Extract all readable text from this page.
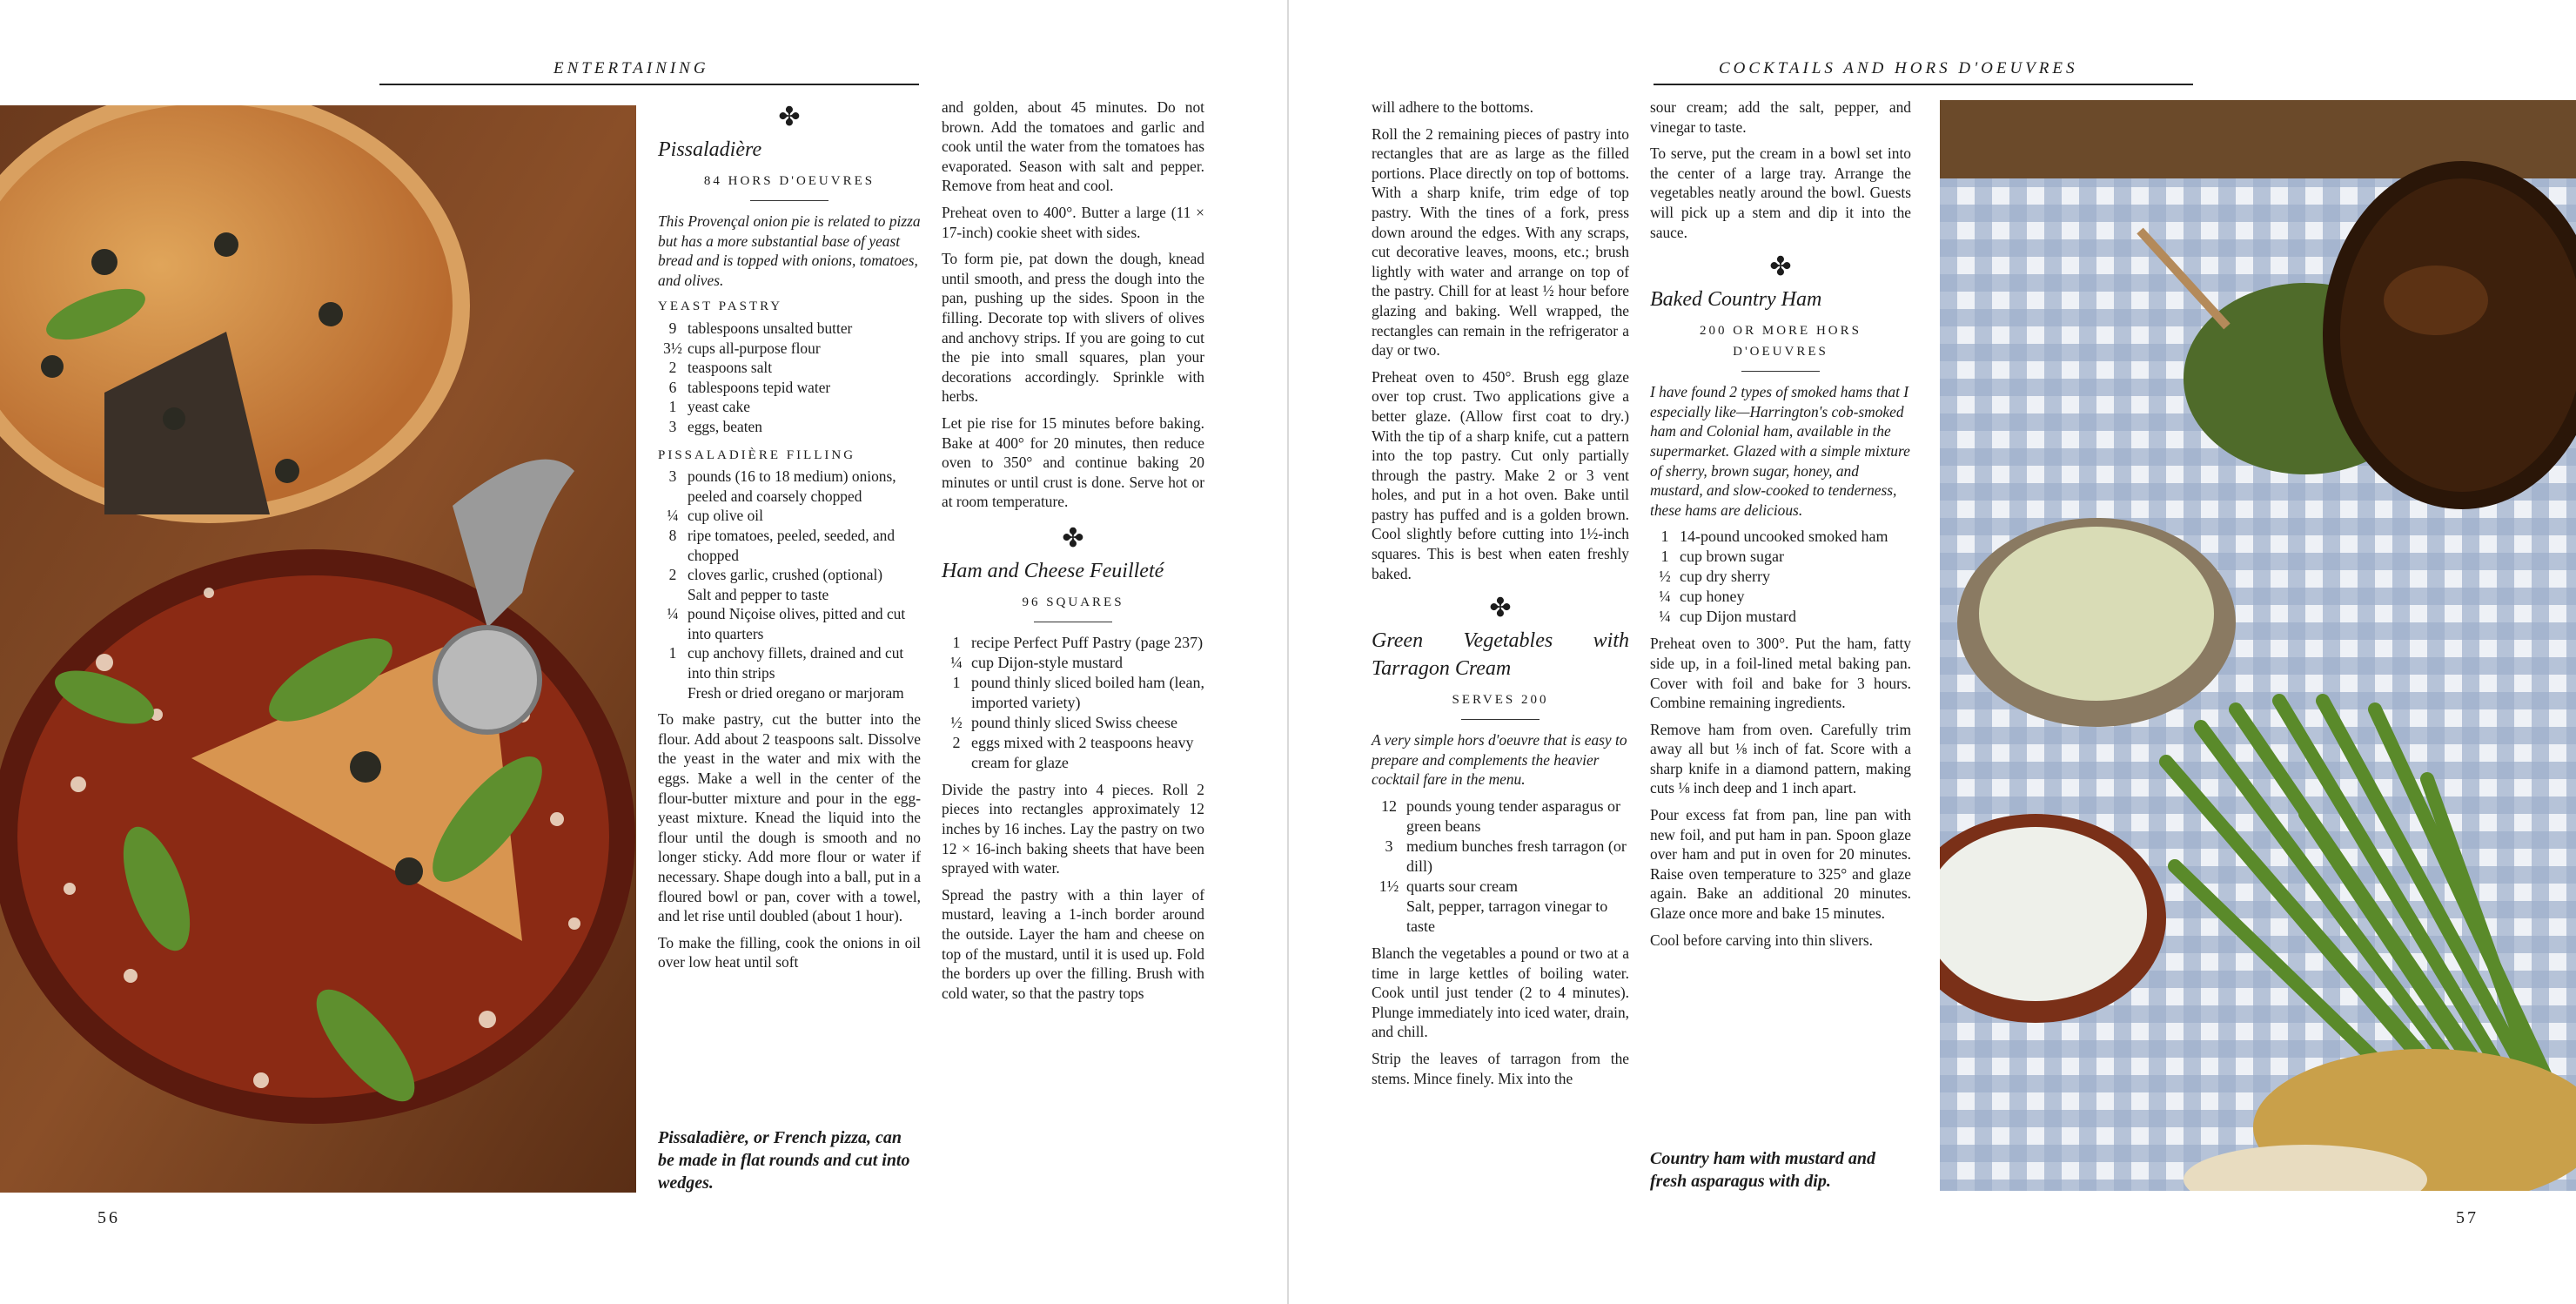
ENTERTAINING
✤

Pissaladière

84 HORS D'OEUVRES

This Provençal onion pie is related to pizza but has a more substantial base of yeast bread and is topped with onions, tomatoes, and olives.

YEAST PASTRY
9 tablespoons unsalted butter
3½ cups all-purpose flour
2 teaspoons salt
6 tablespoons tepid water
1 yeast cake
3 eggs, beaten
PISSALADIÈRE FILLING
3 pounds (16 to 18 medium) onions, peeled and coarsely chopped
¼ cup olive oil
8 ripe tomatoes, peeled, seeded, and chopped
2 cloves garlic, crushed (optional)
Salt and pepper to taste
¼ pound Niçoise olives, pitted and cut into quarters
1 cup anchovy fillets, drained and cut into thin strips
Fresh or dried oregano or marjoram

To make pastry, cut the butter into the flour. Add about 2 teaspoons salt. Dissolve the yeast in the water and mix with the eggs. Make a well in the center of the flour-butter mixture and pour in the egg-yeast mixture. Knead the liquid into the flour until the dough is smooth and no longer sticky. Add more flour or water if necessary. Shape dough into a ball, put in a floured bowl or pan, cover with a towel, and let rise until doubled (about 1 hour).

To make the filling, cook the onions in oil over low heat until soft

Pissaladière, or French pizza, can be made in flat rounds and cut into wedges.

and golden, about 45 minutes. Do not brown. Add the tomatoes and garlic and cook until the water from the tomatoes has evaporated. Season with salt and pepper. Remove from heat and cool.

Preheat oven to 400°. Butter a large (11 × 17-inch) cookie sheet with sides.

To form pie, pat down the dough, knead until smooth, and press the dough into the pan, pushing up the sides. Spoon in the filling. Decorate top with slivers of olives and anchovy strips. If you are going to cut the pie into small squares, plan your decorations accordingly. Sprinkle with herbs.

Let pie rise for 15 minutes before baking. Bake at 400° for 20 minutes, then reduce oven to 350° and continue baking 20 minutes or until crust is done. Serve hot or at room temperature.

✤

Ham and Cheese Feuilleté

96 SQUARES
1 recipe Perfect Puff Pastry (page 237)
¼ cup Dijon-style mustard
1 pound thinly sliced boiled ham (lean, imported variety)
½ pound thinly sliced Swiss cheese
2 eggs mixed with 2 teaspoons heavy cream for glaze

Divide the pastry into 4 pieces. Roll 2 pieces into rectangles approximately 12 inches by 16 inches. Lay the pastry on two 12 × 16-inch baking sheets that have been sprayed with water.

Spread the pastry with a thin layer of mustard, leaving a 1-inch border around the outside. Layer the ham and cheese on top of the mustard, until it is used up. Fold the borders up over the filling. Brush with cold water, so that the pastry tops

56
COCKTAILS AND HORS D'OEUVRES

will adhere to the bottoms.

Roll the 2 remaining pieces of pastry into rectangles that are as large as the filled portions. Place directly on top of bottoms. With a sharp knife, trim edge of top pastry. With the tines of a fork, press down around the edges. With any scraps, cut decorative leaves, moons, etc.; brush lightly with water and arrange on top of the pastry. Chill for at least ½ hour before glazing and baking. Well wrapped, the rectangles can remain in the refrigerator a day or two.

Preheat oven to 450°. Brush egg glaze over top crust. Two applications give a better glaze. (Allow first coat to dry.) With the tip of a sharp knife, cut a pattern into the top pastry. Cut only partially through the pastry. Make 2 or 3 vent holes, and put in a hot oven. Bake until pastry has puffed and is a golden brown. Cool slightly before cutting into 1½-inch squares. This is best when eaten freshly baked.

✤

Green Vegetables with Tarragon Cream

SERVES 200

A very simple hors d'oeuvre that is easy to prepare and complements the heavier cocktail fare in the menu.

12 pounds young tender asparagus or green beans
3 medium bunches fresh tarragon (or dill)
1½ quarts sour cream
Salt, pepper, tarragon vinegar to taste

Blanch the vegetables a pound or two at a time in large kettles of boiling water. Cook until just tender (2 to 4 minutes). Plunge immediately into iced water, drain, and chill.

Strip the leaves of tarragon from the stems. Mince finely. Mix into the

sour cream; add the salt, pepper, and vinegar to taste.

To serve, put the cream in a bowl set into the center of a large tray. Arrange the vegetables neatly around the bowl. Guests will pick up a stem and dip it into the sauce.

✤

Baked Country Ham

200 OR MORE HORS D'OEUVRES

I have found 2 types of smoked hams that I especially like—Harrington's cob-smoked ham and Colonial ham, available in the supermarket. Glazed with a simple mixture of sherry, brown sugar, honey, and mustard, and slow-cooked to tenderness, these hams are delicious.

1 14-pound uncooked smoked ham
1 cup brown sugar
½ cup dry sherry
¼ cup honey
¼ cup Dijon mustard

Preheat oven to 300°. Put the ham, fatty side up, in a foil-lined metal baking pan. Cover with foil and bake for 3 hours. Combine remaining ingredients.

Remove ham from oven. Carefully trim away all but ⅛ inch of fat. Score with a sharp knife in a diamond pattern, making cuts ⅛ inch deep and 1 inch apart.

Pour excess fat from pan, line pan with new foil, and put ham in pan. Spoon glaze over ham and put in oven for 20 minutes. Raise oven temperature to 325° and glaze again. Bake an additional 20 minutes. Glaze once more and bake 15 minutes.

Cool before carving into thin slivers.

Country ham with mustard and fresh asparagus with dip.
57
